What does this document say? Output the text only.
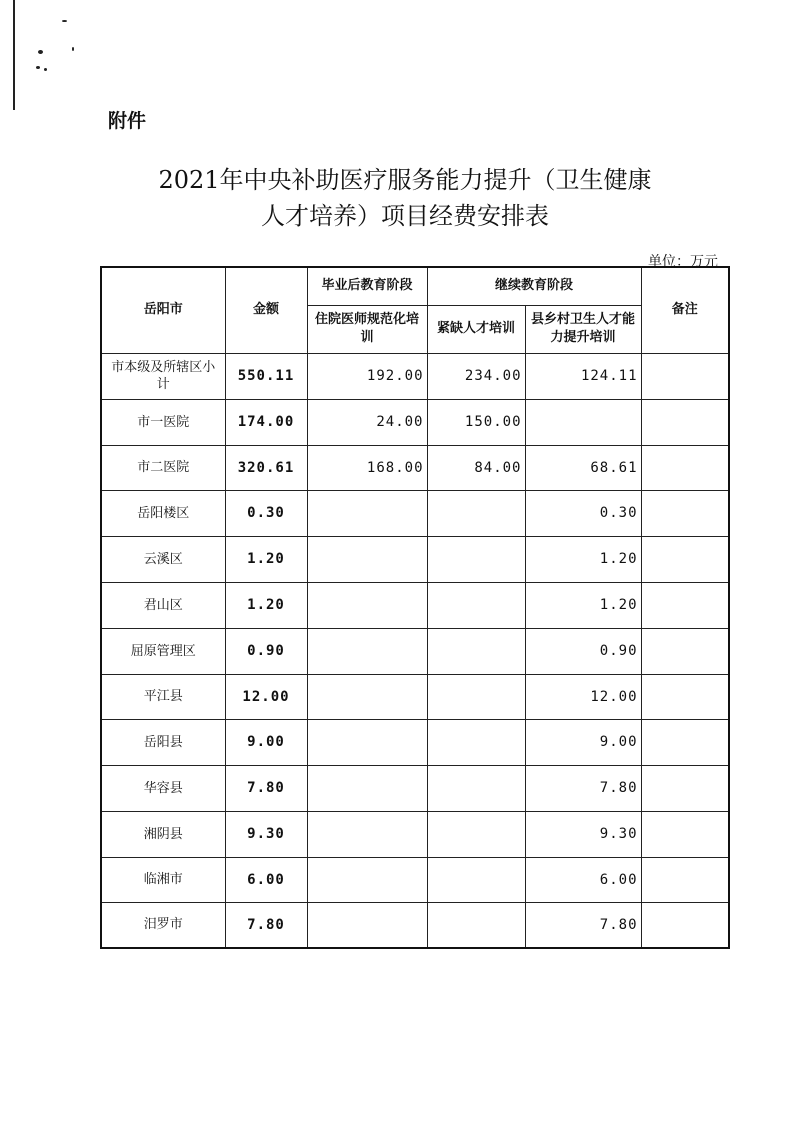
附件
2021年中央补助医疗服务能力提升（卫生健康
人才培养）项目经费安排表
单位：万元
岳阳市	金额	毕业后教育阶段	继续教育阶段		备注
		住院医师规范化培训	紧缺人才培训	县乡村卫生人才能力提升培训	
市本级及所辖区小计	550.11	192.00	234.00	124.11	
市一医院	174.00	24.00	150.00		
市二医院	320.61	168.00	84.00	68.61	
岳阳楼区	0.30			0.30	
云溪区	1.20			1.20	
君山区	1.20			1.20	
屈原管理区	0.90			0.90	
平江县	12.00			12.00	
岳阳县	9.00			9.00	
华容县	7.80			7.80	
湘阴县	9.30			9.30	
临湘市	6.00			6.00	
汨罗市	7.80			7.80	
